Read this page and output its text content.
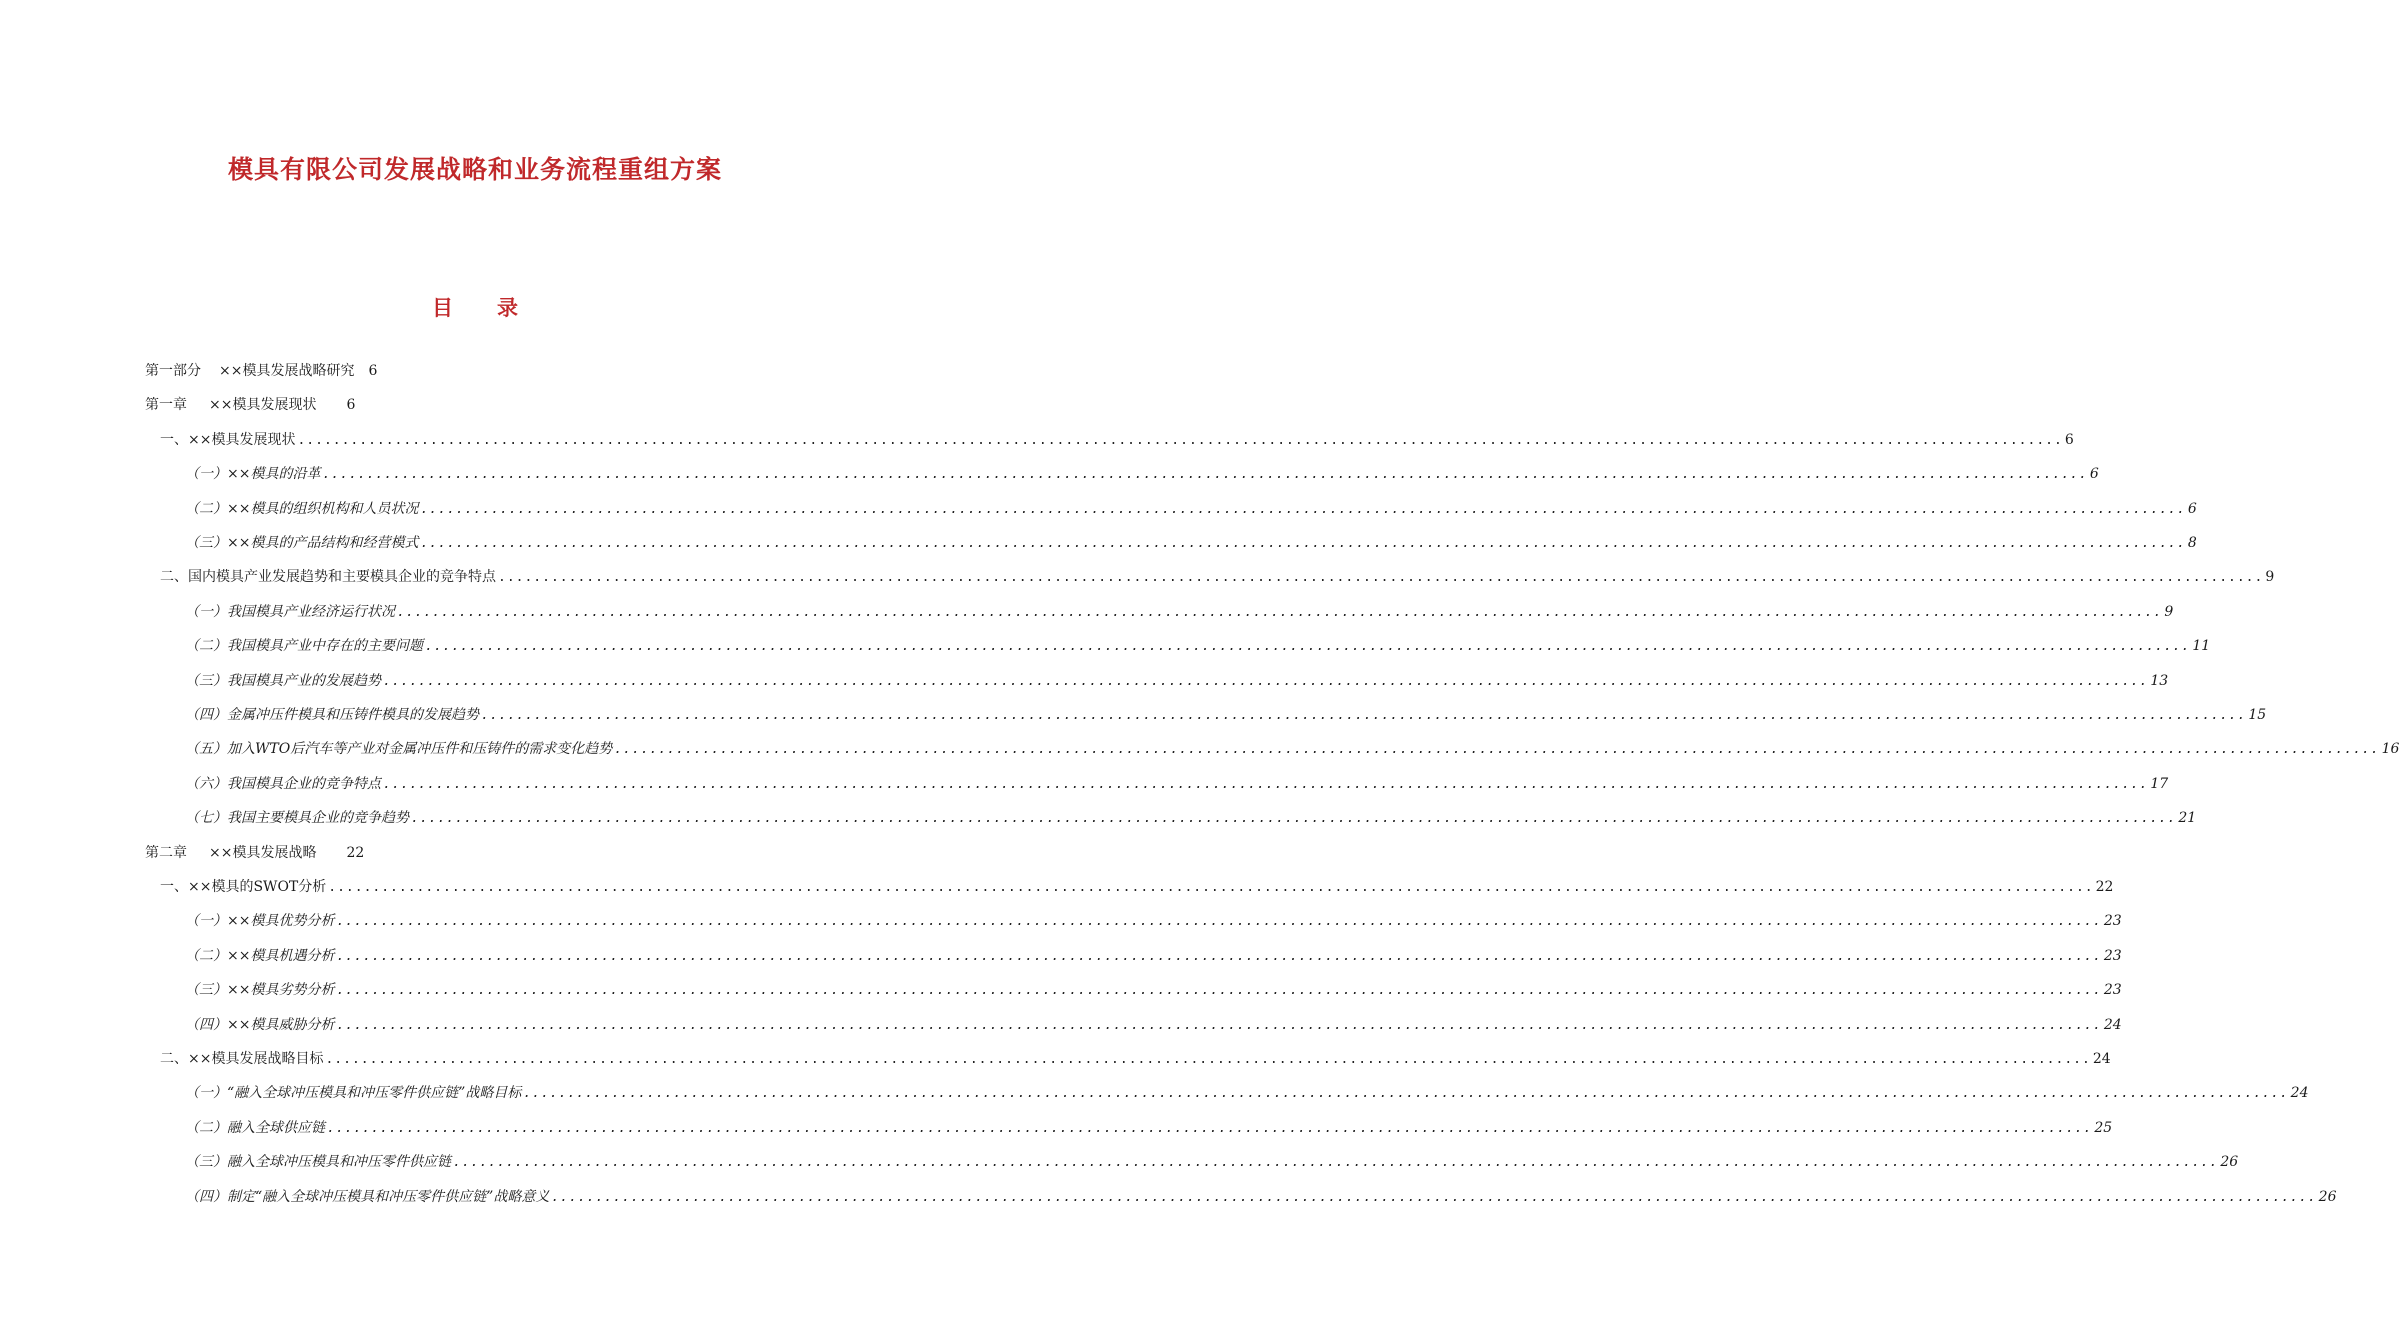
模具有限公司发展战略和业务流程重组方案
目 录
第一部分 ××模具发展战略研究 6
第一章 ××模具发展现状 6
一、××模具发展现状 ........................................................................................................................................................................................................ 6
（一）××模具的沿革 ........................................................................................................................................................................................................ 6
（二）××模具的组织机构和人员状况 ........................................................................................................................................................................................................ 6
（三）××模具的产品结构和经营模式 ........................................................................................................................................................................................................ 8
二、国内模具产业发展趋势和主要模具企业的竞争特点 ........................................................................................................................................................................................................ 9
（一）我国模具产业经济运行状况 ........................................................................................................................................................................................................ 9
（二）我国模具产业中存在的主要问题 ........................................................................................................................................................................................................ 11
（三）我国模具产业的发展趋势 ........................................................................................................................................................................................................ 13
（四）金属冲压件模具和压铸件模具的发展趋势 ........................................................................................................................................................................................................ 15
（五）加入WTO后汽车等产业对金属冲压件和压铸件的需求变化趋势 ........................................................................................................................................................................................................ 16
（六）我国模具企业的竞争特点 ........................................................................................................................................................................................................ 17
（七）我国主要模具企业的竞争趋势 ........................................................................................................................................................................................................ 21
第二章 ××模具发展战略 22
一、××模具的SWOT分析 ........................................................................................................................................................................................................ 22
（一）××模具优势分析 ........................................................................................................................................................................................................ 23
（二）××模具机遇分析 ........................................................................................................................................................................................................ 23
（三）××模具劣势分析 ........................................................................................................................................................................................................ 23
（四）××模具威胁分析 ........................................................................................................................................................................................................ 24
二、××模具发展战略目标 ........................................................................................................................................................................................................ 24
（一）“融入全球冲压模具和冲压零件供应链”战略目标 ........................................................................................................................................................................................................ 24
（二）融入全球供应链 ........................................................................................................................................................................................................ 25
（三）融入全球冲压模具和冲压零件供应链 ........................................................................................................................................................................................................ 26
（四）制定“融入全球冲压模具和冲压零件供应链”战略意义 ........................................................................................................................................................................................................ 26
